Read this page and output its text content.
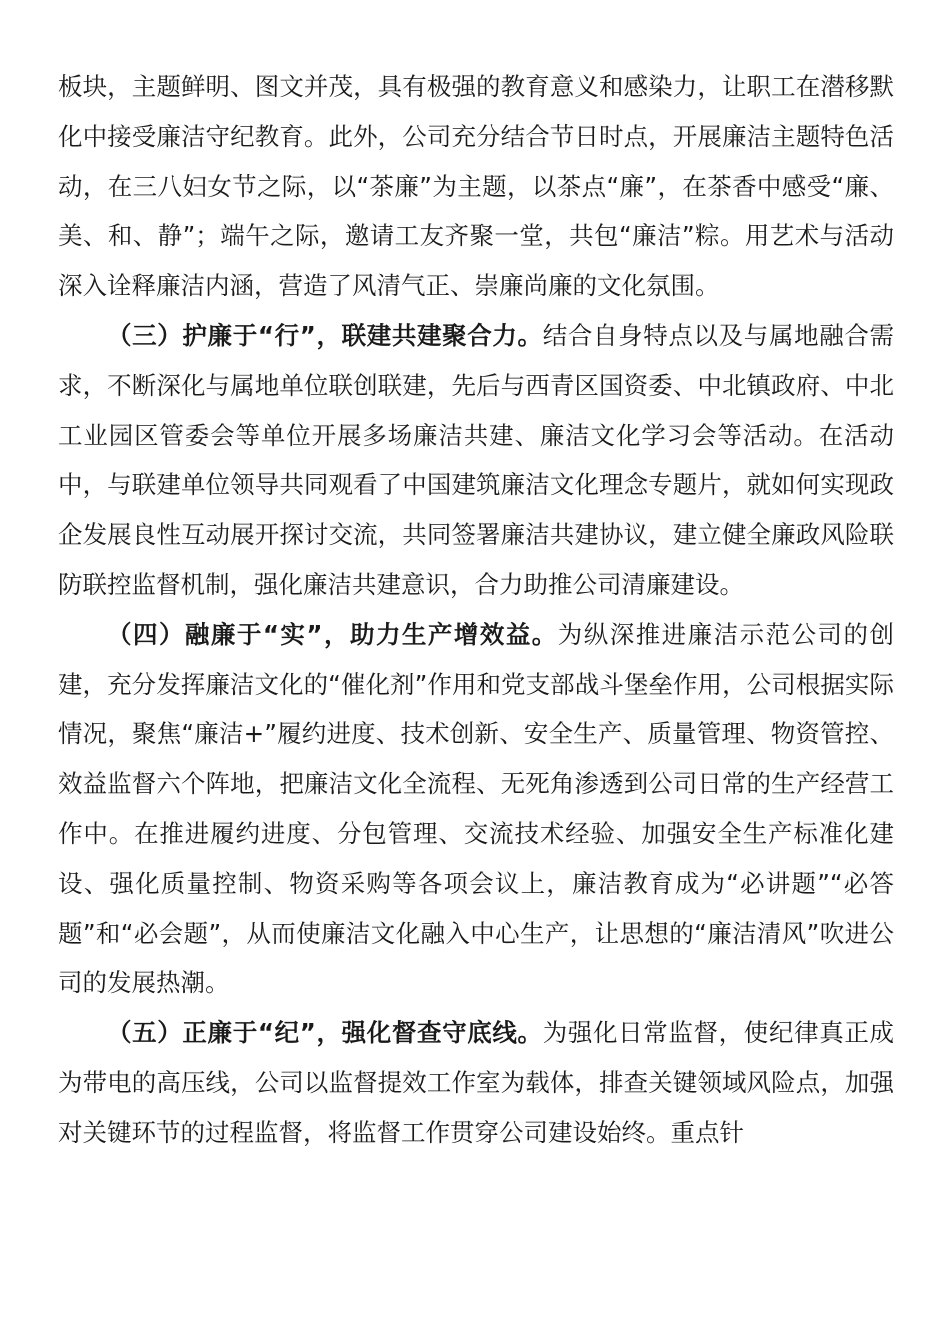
板块，主题鲜明、图文并茂，具有极强的教育意义和感染力，让职工在潜移默化中接受廉洁守纪教育。此外，公司充分结合节日时点，开展廉洁主题特色活动，在三八妇女节之际，以“茶廉”为主题，以茶点“廉”，在茶香中感受“廉、美、和、静”；端午之际，邀请工友齐聚一堂，共包“廉洁”粽。用艺术与活动深入诠释廉洁内涵，营造了风清气正、崇廉尚廉的文化氛围。

（三）护廉于“行”，联建共建聚合力。结合自身特点以及与属地融合需求，不断深化与属地单位联创联建，先后与西青区国资委、中北镇政府、中北工业园区管委会等单位开展多场廉洁共建、廉洁文化学习会等活动。在活动中，与联建单位领导共同观看了中国建筑廉洁文化理念专题片，就如何实现政企发展良性互动展开探讨交流，共同签署廉洁共建协议，建立健全廉政风险联防联控监督机制，强化廉洁共建意识，合力助推公司清廉建设。

（四）融廉于“实”，助力生产增效益。为纵深推进廉洁示范公司的创建，充分发挥廉洁文化的“催化剂”作用和党支部战斗堡垒作用，公司根据实际情况，聚焦“廉洁+”履约进度、技术创新、安全生产、质量管理、物资管控、效益监督六个阵地，把廉洁文化全流程、无死角渗透到公司日常的生产经营工作中。在推进履约进度、分包管理、交流技术经验、加强安全生产标准化建设、强化质量控制、物资采购等各项会议上，廉洁教育成为“必讲题”“必答题”和“必会题”，从而使廉洁文化融入中心生产，让思想的“廉洁清风”吹进公司的发展热潮。

（五）正廉于“纪”，强化督查守底线。为强化日常监督，使纪律真正成为带电的高压线，公司以监督提效工作室为载体，排查关键领域风险点，加强对关键环节的过程监督，将监督工作贯穿公司建设始终。重点针
